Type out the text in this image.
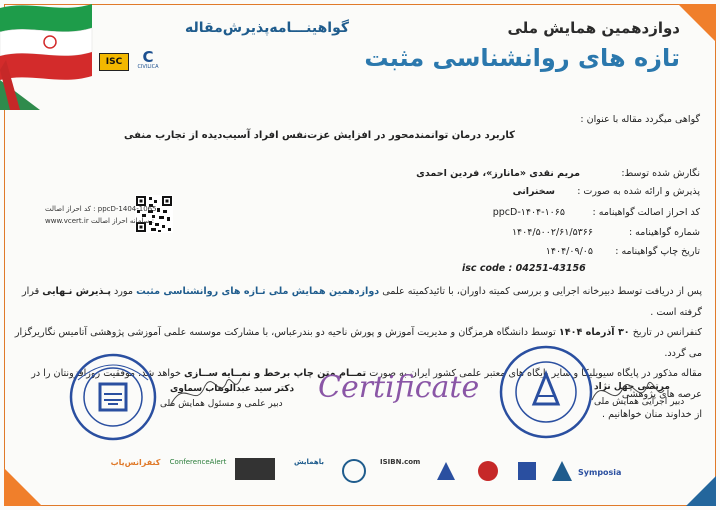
دوازدهمین همایش ملی
تازه های روانشناسی مثبت
گواهینـــامه‌پذیرش‌مقاله
ISC	C
CIVILICA
گواهی میگردد مقاله با عنوان :
کاربرد درمان توانمندمحور در افزایش عزت‌نفس افراد آسیب‌دیده از تجارب منفی
نگارش شده توسط:
مریم نقدی «مانارز»، فردین احمدی
پذیرش و ارائه شده به صورت :
سخنرانی
کد احراز اصالت گواهینامه :
ppcD-۱۴۰۴-۱۰۶۵
شماره گواهینامه :
۱۴۰۴/۵۰۰۲/۶۱/۵۳۶۶
تاریخ چاپ گواهینامه :
۱۴۰۴/۰۹/۰۵
isc code : 04251-43156
کد احراز اصالت : ppcD-1404-1065
www.vcert.ir سامانه احراز اصالت :
پس از دریافت توسط دبیرخانه اجرایی و بررسی کمیته داوران، با تائیدکمیته علمی دوازدهمین همایش ملی تـازه های روانشناسی مثبت مورد پـذیرش نـهایی قرار گرفته است .
کنفرانس در تاریخ ۳۰ آذرماه ۱۴۰۴ توسط دانشگاه هرمزگان و مدیریت آموزش و پورش ناحیه دو بندرعباس، با مشارکت موسسه علمی آموزشی پژوهشی آتامیس نگاریرگزار می گردد.
مقاله مذکور در پایگاه سیویلیکا و سایر پایگاه های معتبر علمی کشور ایران به صورت تمــام متن چاپ برخط و نمــایه ســازی خواهد شد. موفقیت روزافزونتان را در عرصه های پژوهشی
از خداوند منان خواهانیم .
دکتر سید عبدالوهاب سماوی
دبیر علمی و مسئول همایش ملی Certificate	مرتضی چهل نژاد
دبیر اجرایی همایش ملی
کنفرانس‌یاب	ConferenceAlert	باهمایش	ISIBN.com
Symposia
